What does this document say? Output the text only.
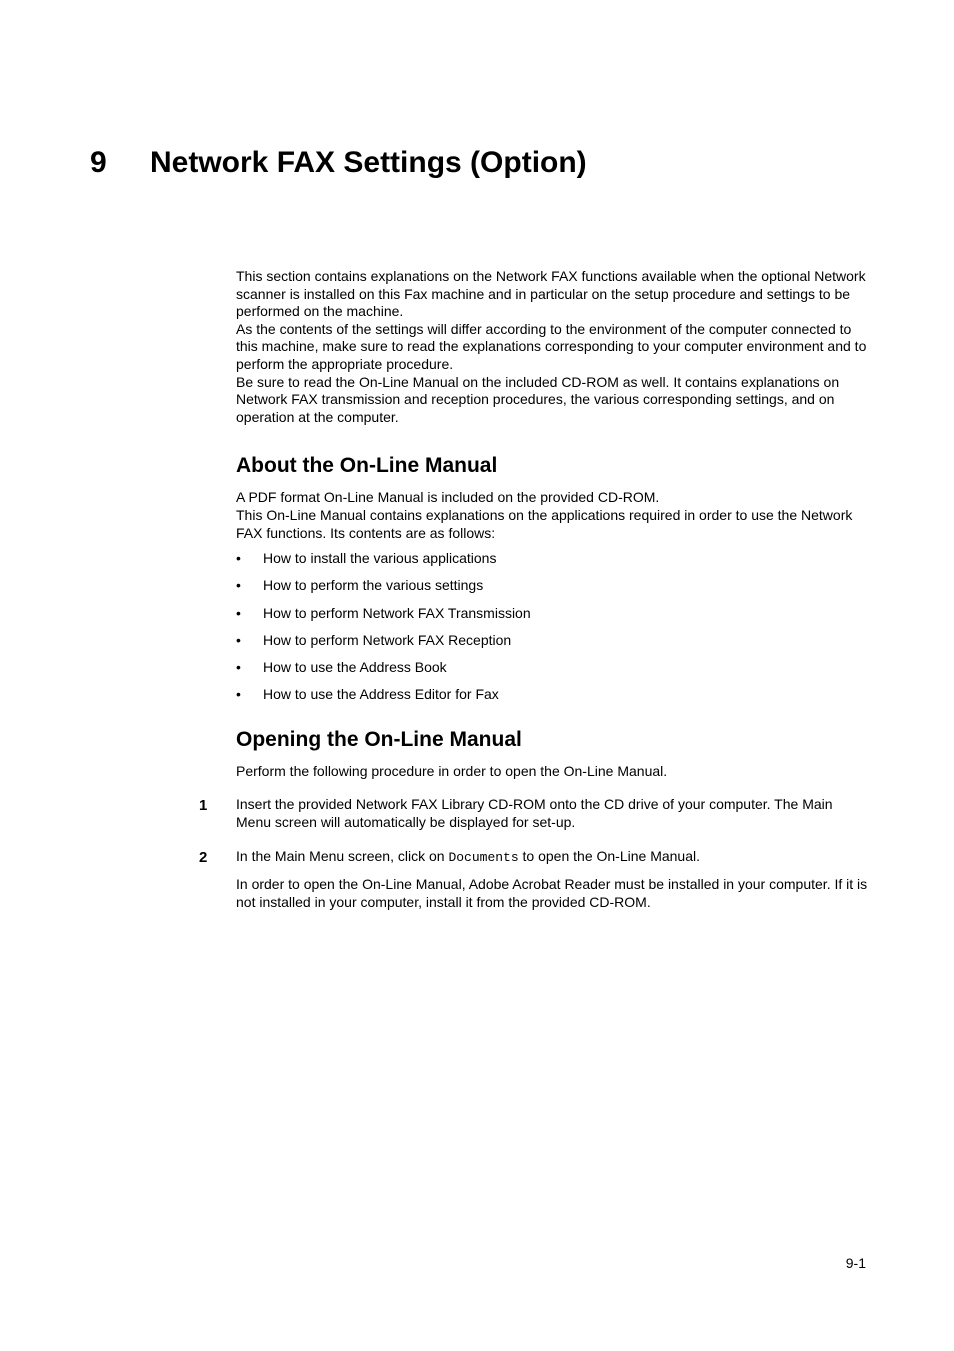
9 Network FAX Settings (Option)

This section contains explanations on the Network FAX functions available when the optional Network scanner is installed on this Fax machine and in particular on the setup procedure and settings to be performed on the machine.

As the contents of the settings will differ according to the environment of the computer connected to this machine, make sure to read the explanations corresponding to your computer environment and to perform the appropriate procedure.

Be sure to read the On-Line Manual on the included CD-ROM as well. It contains explanations on Network FAX transmission and reception procedures, the various corresponding settings, and on operation at the computer.

About the On-Line Manual

A PDF format On-Line Manual is included on the provided CD-ROM.

This On-Line Manual contains explanations on the applications required in order to use the Network FAX functions. Its contents are as follows:

• How to install the various applications
• How to perform the various settings
• How to perform Network FAX Transmission
• How to perform Network FAX Reception
• How to use the Address Book
• How to use the Address Editor for Fax
Opening the On-Line Manual

Perform the following procedure in order to open the On-Line Manual.

1 Insert the provided Network FAX Library CD-ROM onto the CD drive of your computer. The Main Menu screen will automatically be displayed for set-up.

2 In the Main Menu screen, click on Documents to open the On-Line Manual.

In order to open the On-Line Manual, Adobe Acrobat Reader must be installed in your computer. If it is not installed in your computer, install it from the provided CD-ROM.

9-1
